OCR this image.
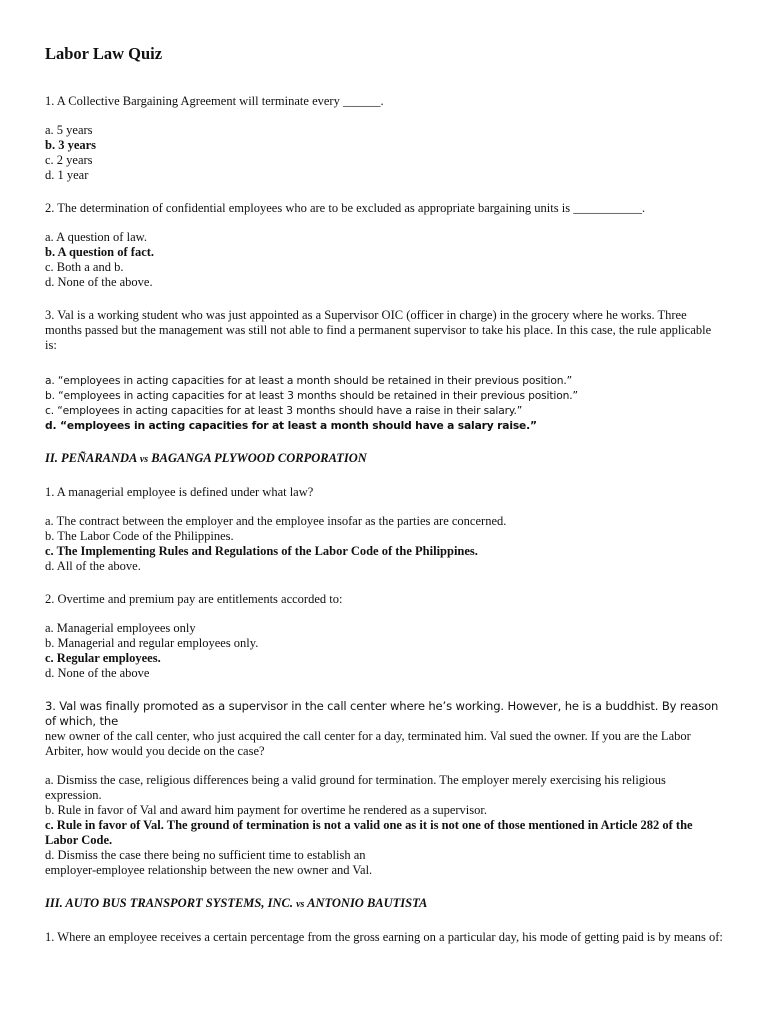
Labor Law Quiz
1. A Collective Bargaining Agreement will terminate every ______.
a. 5 years
b. 3 years
c. 2 years
d. 1 year
2. The determination of confidential employees who are to be excluded as appropriate bargaining units is ___________.
a. A question of law.
b. A question of fact.
c. Both a and b.
d. None of the above.
3. Val is a working student who was just appointed as a Supervisor OIC (officer in charge) in the grocery where he works. Three months passed but the management was still not able to find a permanent supervisor to take his place. In this case, the rule applicable is:
a. “employees in acting capacities for at least a month should be retained in their previous position.”
b. “employees in acting capacities for at least 3 months should be retained in their previous position.”
c. “employees in acting capacities for at least 3 months should have a raise in their salary.”
d. “employees in acting capacities for at least a month should have a salary raise.”
II. PEÑARANDA vs BAGANGA PLYWOOD CORPORATION
1. A managerial employee is defined under what law?
a. The contract between the employer and the employee insofar as the parties are concerned.
b. The Labor Code of the Philippines.
c. The Implementing Rules and Regulations of the Labor Code of the Philippines.
d. All of the above.
2. Overtime and premium pay are entitlements accorded to:
a. Managerial employees only
b. Managerial and regular employees only.
c. Regular employees.
d. None of the above
3. Val was finally promoted as a supervisor in the call center where he’s working. However, he is a buddhist. By reason of which, the
new owner of the call center, who just acquired the call center for a day, terminated him. Val sued the owner. If you are the Labor Arbiter, how would you decide on the case?
a. Dismiss the case, religious differences being a valid ground for termination. The employer merely exercising his religious expression.
b. Rule in favor of Val and award him payment for overtime he rendered as a supervisor.
c. Rule in favor of Val. The ground of termination is not a valid one as it is not one of those mentioned in Article 282 of the Labor Code.
d. Dismiss the case there being no sufficient time to establish an
employer-employee relationship between the new owner and Val.
III. AUTO BUS TRANSPORT SYSTEMS, INC. vs ANTONIO BAUTISTA
1. Where an employee receives a certain percentage from the gross earning on a particular day, his mode of getting paid is by means of:
